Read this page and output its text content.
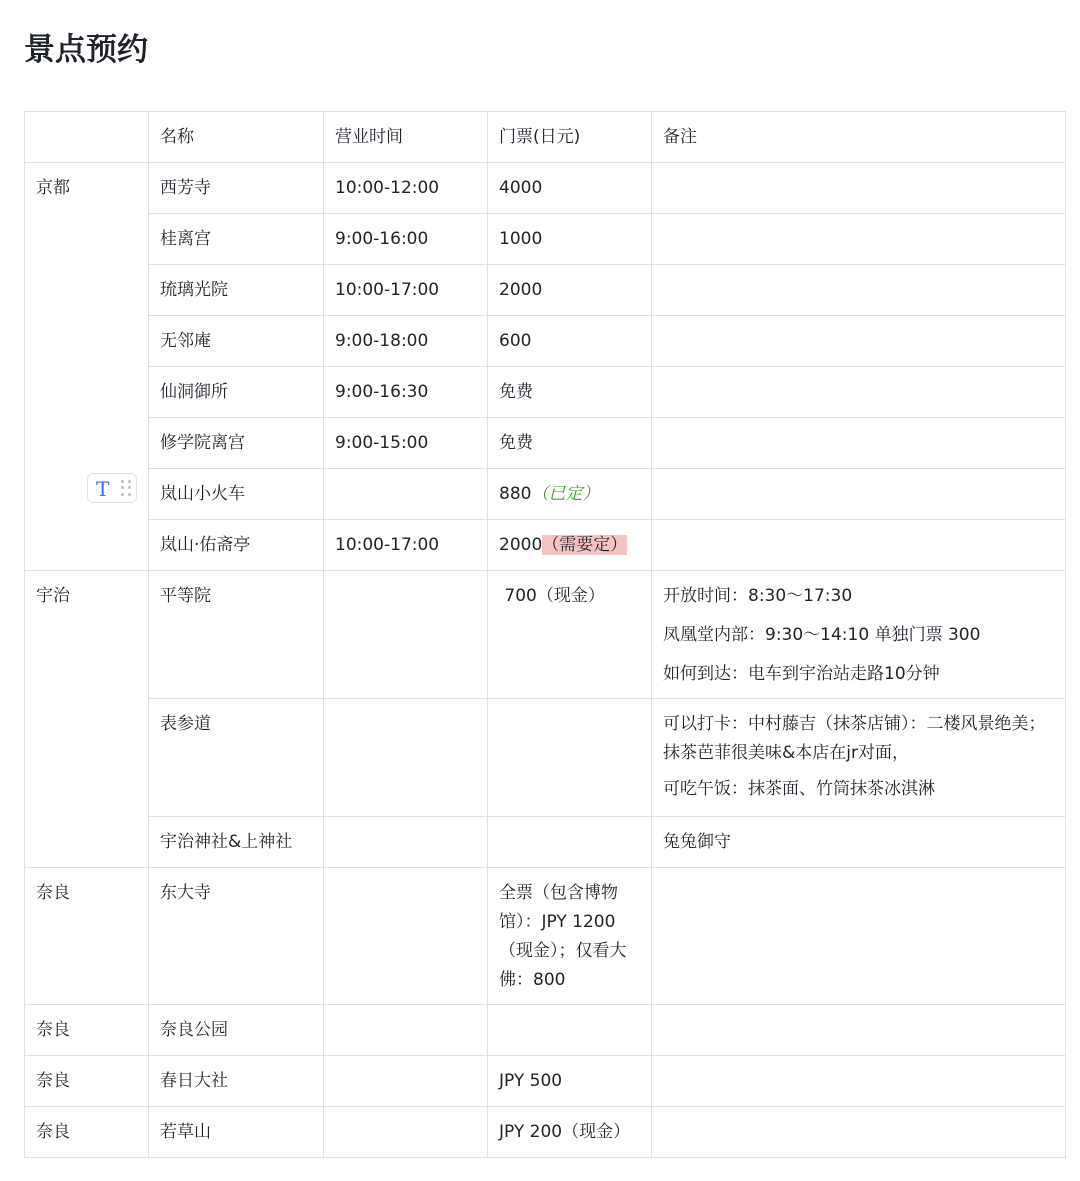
景点预约
	名称	营业时间	门票(日元)	备注
京都	西芳寺	10:00-12:00	4000	
	桂离宫	9:00-16:00	1000	
	琉璃光院	10:00-17:00	2000	
	无邻庵	9:00-18:00	600	
	仙洞御所	9:00-16:30	免费	
	修学院离宫	9:00-15:00	免费	
	岚山小火车		880（已定）	
	岚山·佑斋亭	10:00-17:00	2000（需要定）	
宇治	平等院		700（现金）	开放时间：8:30～17:30
凤凰堂内部：9:30～14:10 单独门票 300
如何到达：电车到宇治站走路10分钟

	表参道			可以打卡：中村藤吉（抹茶店铺）：二楼风景绝美；抹茶芭菲很美味&本店在jr对面，
可吃午饭：抹茶面、竹筒抹茶冰淇淋

	宇治神社&上神社			兔兔御守
奈良	东大寺		全票（包含博物馆）：JPY 1200（现金）；仅看大佛：800	

奈良	奈良公园			
奈良	春日大社		JPY 500	
奈良	若草山		JPY 200（现金）	
T
